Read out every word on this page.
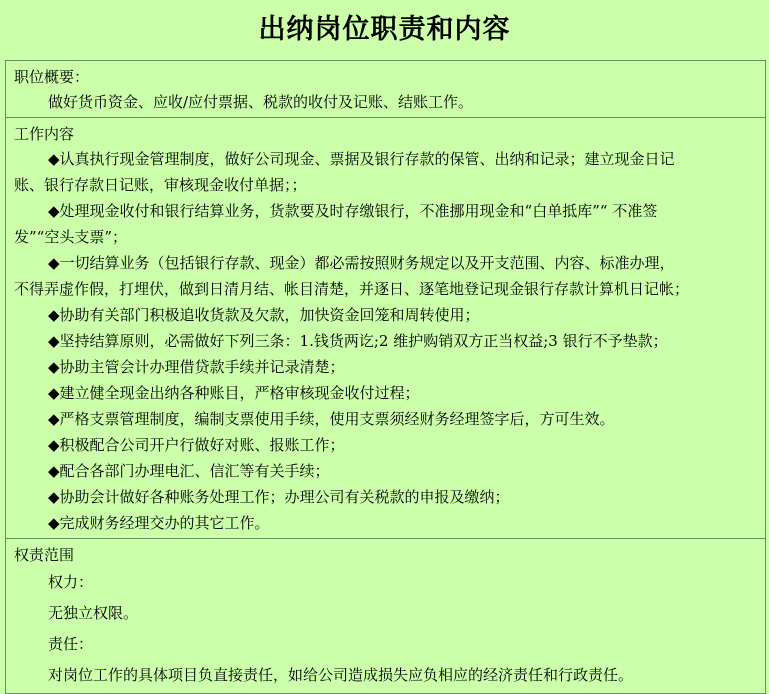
出纳岗位职责和内容
职位概要：
做好货币资金、应收/应付票据、税款的收付及记账、结账工作。
工作内容
◆认真执行现金管理制度，做好公司现金、票据及银行存款的保管、出纳和记录；建立现金日记
账、银行存款日记账，审核现金收付单据；；
◆处理现金收付和银行结算业务，货款要及时存缴银行，不准挪用现金和“白单抵库”“ 不准签
发”“空头支票”；
◆一切结算业务（包括银行存款、现金）都必需按照财务规定以及开支范围、内容、标准办理，
不得弄虚作假，打埋伏，做到日清月结、帐目清楚，并逐日、逐笔地登记现金银行存款计算机日记帐；
◆协助有关部门积极追收货款及欠款，加快资金回笼和周转使用；
◆坚持结算原则，必需做好下列三条：1.钱货两讫;2 维护购销双方正当权益;3 银行不予垫款；
◆协助主管会计办理借贷款手续并记录清楚；
◆建立健全现金出纳各种账目，严格审核现金收付过程；
◆严格支票管理制度，编制支票使用手续，使用支票须经财务经理签字后，方可生效。
◆积极配合公司开户行做好对账、报账工作；
◆配合各部门办理电汇、信汇等有关手续；
◆协助会计做好各种账务处理工作；办理公司有关税款的申报及缴纳；
◆完成财务经理交办的其它工作。
权责范围
权力：
无独立权限。
责任：
对岗位工作的具体项目负直接责任，如给公司造成损失应负相应的经济责任和行政责任。
